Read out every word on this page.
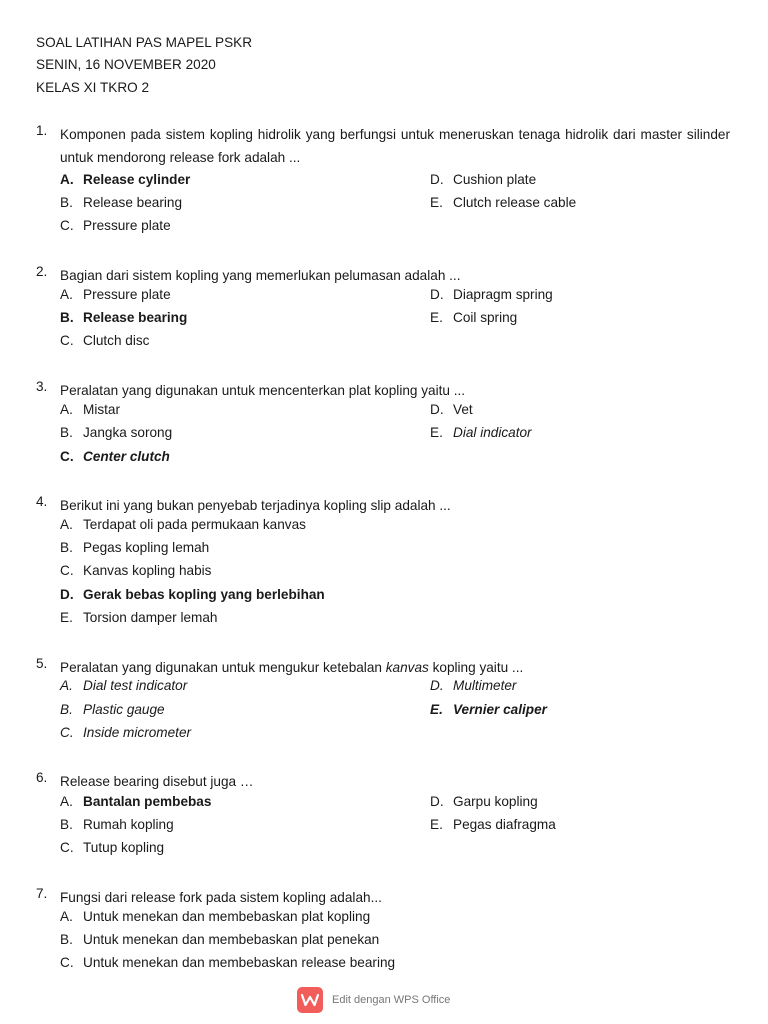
SOAL LATIHAN PAS MAPEL PSKR
SENIN, 16 NOVEMBER 2020
KELAS XI TKRO 2
1. Komponen pada sistem kopling hidrolik yang berfungsi untuk meneruskan tenaga hidrolik dari master silinder untuk mendorong release fork adalah ...
A. Release cylinder
B. Release bearing
C. Pressure plate
D. Cushion plate
E. Clutch release cable
2. Bagian dari sistem kopling yang memerlukan pelumasan adalah ...
A. Pressure plate
B. Release bearing
C. Clutch disc
D. Diapragm spring
E. Coil spring
3. Peralatan yang digunakan untuk mencenterkan plat kopling yaitu ...
A. Mistar
B. Jangka sorong
C. Center clutch
D. Vet
E. Dial indicator
4. Berikut ini yang bukan penyebab terjadinya kopling slip adalah ...
A. Terdapat oli pada permukaan kanvas
B. Pegas kopling lemah
C. Kanvas kopling habis
D. Gerak bebas kopling yang berlebihan
E. Torsion damper lemah
5. Peralatan yang digunakan untuk mengukur ketebalan kanvas kopling yaitu ...
A. Dial test indicator
B. Plastic gauge
C. Inside micrometer
D. Multimeter
E. Vernier caliper
6. Release bearing disebut juga …
A. Bantalan pembebas
B. Rumah kopling
C. Tutup kopling
D. Garpu kopling
E. Pegas diafragma
7. Fungsi dari release fork pada sistem kopling adalah...
A. Untuk menekan dan membebaskan plat kopling
B. Untuk menekan dan membebaskan plat penekan
C. Untuk menekan dan membebaskan release bearing
Edit dengan WPS Office
